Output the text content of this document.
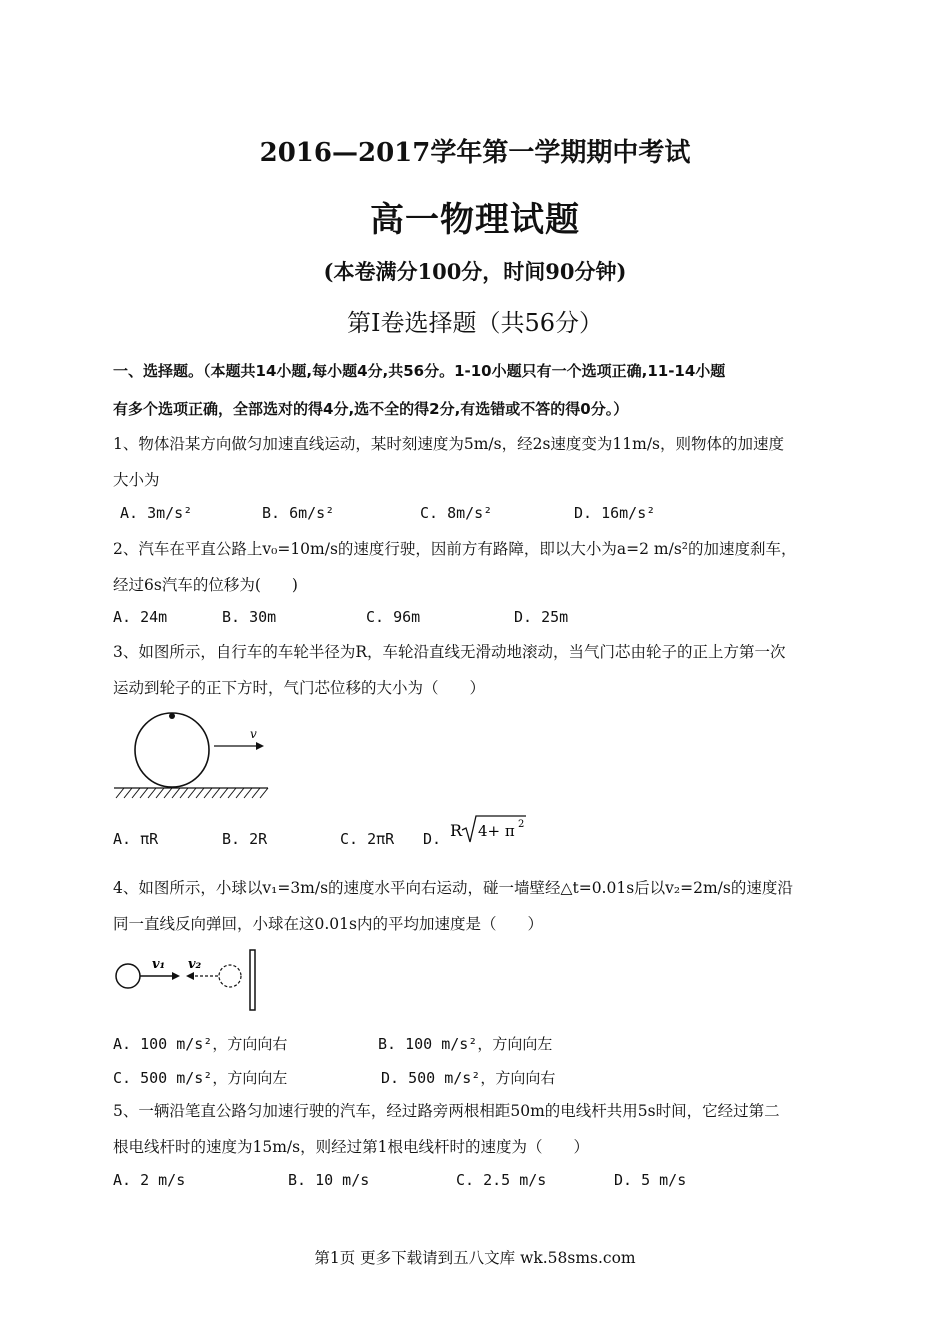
2016—2017学年第一学期期中考试
高一物理试题
(本卷满分100分，时间90分钟)
第Ⅰ卷选择题（共56分）
一、选择题。（本题共14小题,每小题4分,共56分。1-10小题只有一个选项正确,11-14小题
有多个选项正确，全部选对的得4分,选不全的得2分,有选错或不答的得0分。）
1、物体沿某方向做匀加速直线运动，某时刻速度为5m/s，经2s速度变为11m/s，则物体的加速度
大小为
A. 3m/s²	B. 6m/s²	C. 8m/s²	D. 16m/s²
2、汽车在平直公路上v₀=10m/s的速度行驶，因前方有路障，即以大小为a=2 m/s²的加速度刹车，
经过6s汽车的位移为(　　)
A. 24m	B. 30m	C. 96m	D. 25m
3、如图所示，自行车的车轮半径为R，车轮沿直线无滑动地滚动，当气门芯由轮子的正上方第一次
运动到轮子的正下方时，气门芯位移的大小为（　　）
v
A. πR	B. 2R	C. 2πR D. R 4+ π 2
4、如图所示，小球以v₁=3m/s的速度水平向右运动，碰一墙壁经△t=0.01s后以v₂=2m/s的速度沿
同一直线反向弹回，小球在这0.01s内的平均加速度是（　　）
v₁ v₂
A. 100 m/s²，方向向右	B. 100 m/s²，方向向左
C. 500 m/s²，方向向左	D. 500 m/s²，方向向右
5、一辆沿笔直公路匀加速行驶的汽车，经过路旁两根相距50m的电线杆共用5s时间，它经过第二
根电线杆时的速度为15m/s，则经过第1根电线杆时的速度为（　　）
A. 2 m/s	B. 10 m/s	C. 2.5 m/s	D. 5 m/s
第1页 更多下载请到五八文库 wk.58sms.com
